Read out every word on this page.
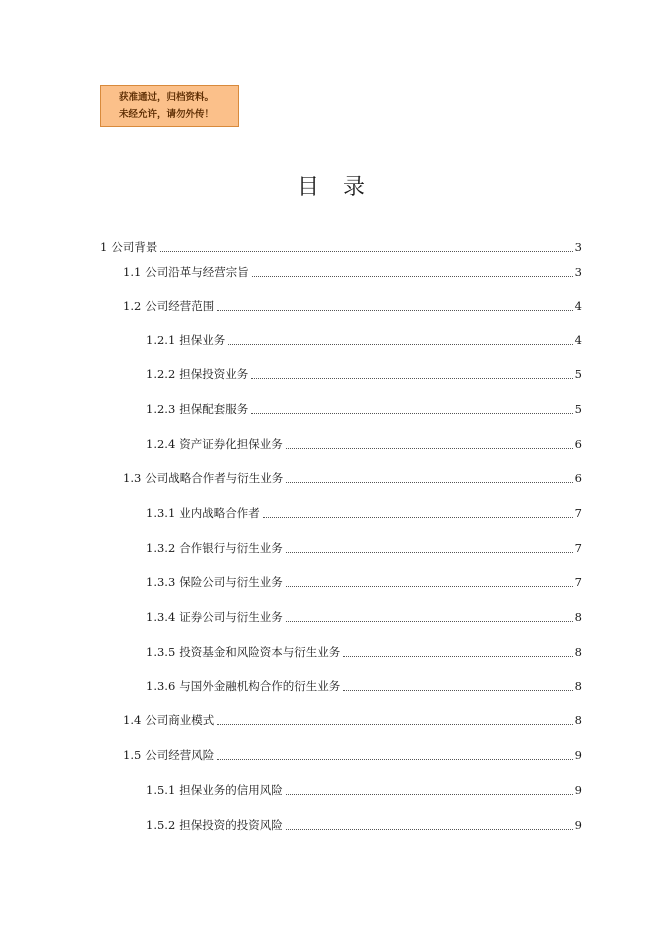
获准通过，归档资料。
未经允许，请勿外传！
目录
1 公司背景	3
1.1 公司沿革与经营宗旨	3
1.2 公司经营范围	4
1.2.1 担保业务	4
1.2.2 担保投资业务	5
1.2.3 担保配套服务	5
1.2.4 资产证券化担保业务	6
1.3 公司战略合作者与衍生业务	6
1.3.1 业内战略合作者	7
1.3.2 合作银行与衍生业务	7
1.3.3 保险公司与衍生业务	7
1.3.4 证券公司与衍生业务	8
1.3.5 投资基金和风险资本与衍生业务	8
1.3.6 与国外金融机构合作的衍生业务	8
1.4 公司商业模式	8
1.5 公司经营风险	9
1.5.1 担保业务的信用风险	9
1.5.2 担保投资的投资风险	9
